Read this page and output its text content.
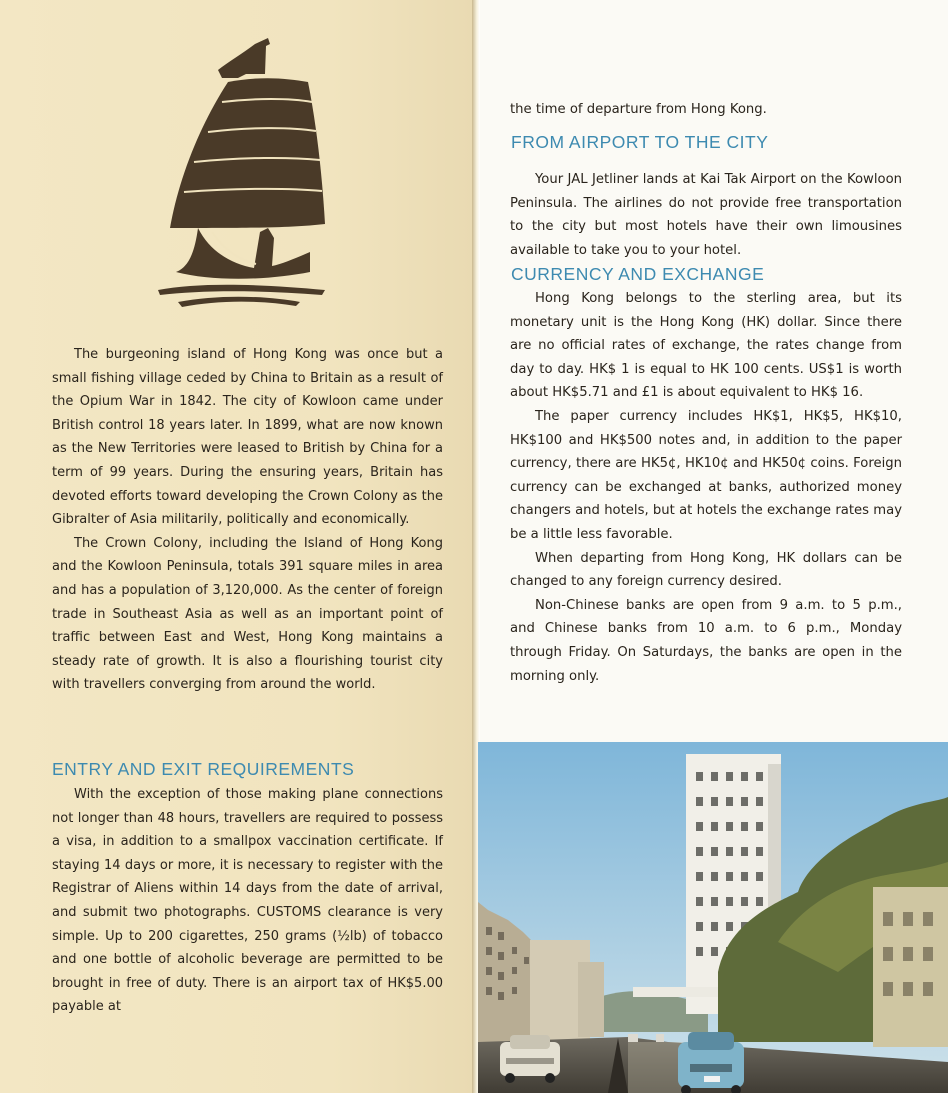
The burgeoning island of Hong Kong was once but a small fishing village ceded by China to Britain as a result of the Opium War in 1842. The city of Kowloon came under British control 18 years later. In 1899, what are now known as the New Territories were leased to British by China for a term of 99 years. During the ensuring years, Britain has devoted efforts toward developing the Crown Colony as the Gibralter of Asia militarily, politically and economically.

The Crown Colony, including the Island of Hong Kong and the Kowloon Peninsula, totals 391 square miles in area and has a population of 3,120,000. As the center of foreign trade in Southeast Asia as well as an important point of traffic between East and West, Hong Kong maintains a steady rate of growth. It is also a flourishing tourist city with travellers converging from around the world.

ENTRY AND EXIT REQUIREMENTS

With the exception of those making plane connections not longer than 48 hours, travellers are required to possess a visa, in addition to a smallpox vaccination certificate. If staying 14 days or more, it is necessary to register with the Registrar of Aliens within 14 days from the date of arrival, and submit two photographs. CUSTOMS clearance is very simple. Up to 200 cigarettes, 250 grams (½lb) of tobacco and one bottle of alcoholic beverage are permitted to be brought in free of duty. There is an airport tax of HK$5.00 payable at

the time of departure from Hong Kong.

FROM AIRPORT TO THE CITY

Your JAL Jetliner lands at Kai Tak Airport on the Kowloon Peninsula. The airlines do not provide free transportation to the city but most hotels have their own limousines available to take you to your hotel.

CURRENCY AND EXCHANGE

Hong Kong belongs to the sterling area, but its monetary unit is the Hong Kong (HK) dollar. Since there are no official rates of exchange, the rates change from day to day. HK$ 1 is equal to HK 100 cents. US$1 is worth about HK$5.71 and £1 is about equivalent to HK$ 16.

The paper currency includes HK$1, HK$5, HK$10, HK$100 and HK$500 notes and, in addition to the paper currency, there are HK5¢, HK10¢ and HK50¢ coins. Foreign currency can be exchanged at banks, authorized money changers and hotels, but at hotels the exchange rates may be a little less favorable.

When departing from Hong Kong, HK dollars can be changed to any foreign currency desired.

Non-Chinese banks are open from 9 a.m. to 5 p.m., and Chinese banks from 10 a.m. to 6 p.m., Monday through Friday. On Saturdays, the banks are open in the morning only.
